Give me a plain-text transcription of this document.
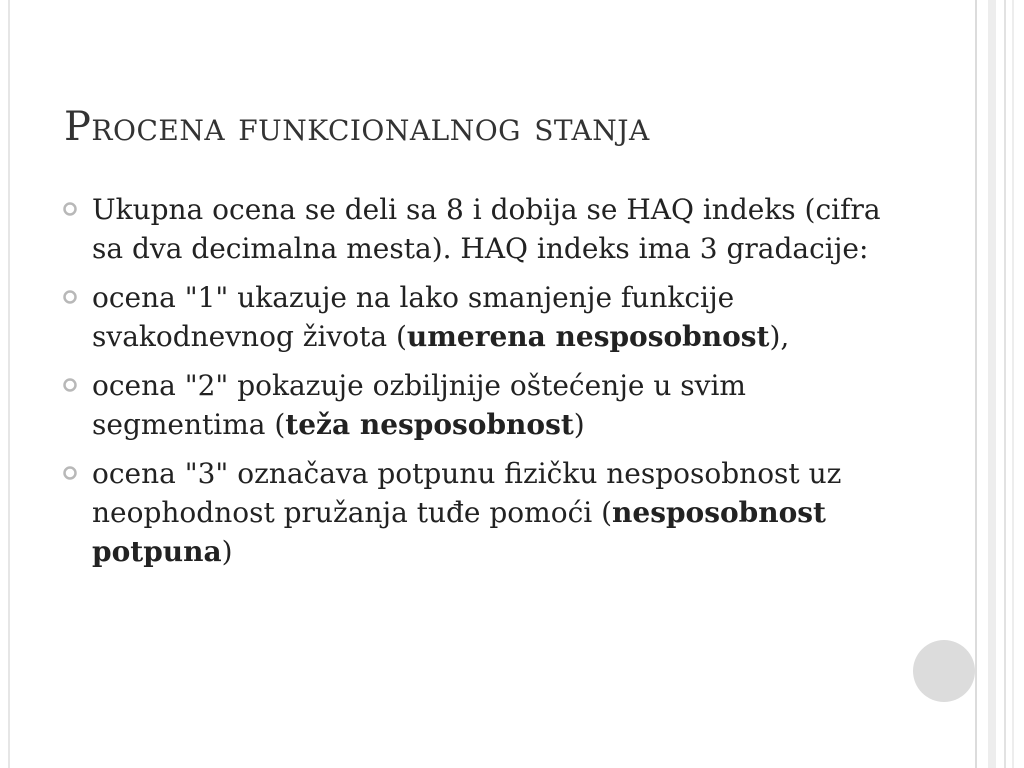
Procena funkcionalnog stanja
Ukupna ocena se deli sa 8 i dobija se HAQ indeks (cifra sa dva decimalna mesta). HAQ indeks ima 3 gradacije:
ocena "1" ukazuje na lako smanjenje funkcije svakodnevnog života (umerena nesposobnost),
ocena "2" pokazuje ozbiljnije oštećenje u svim segmentima (teža nesposobnost)
ocena "3" označava potpunu fizičku nesposobnost uz neophodnost pružanja tuđe pomoći (nesposobnost potpuna)
